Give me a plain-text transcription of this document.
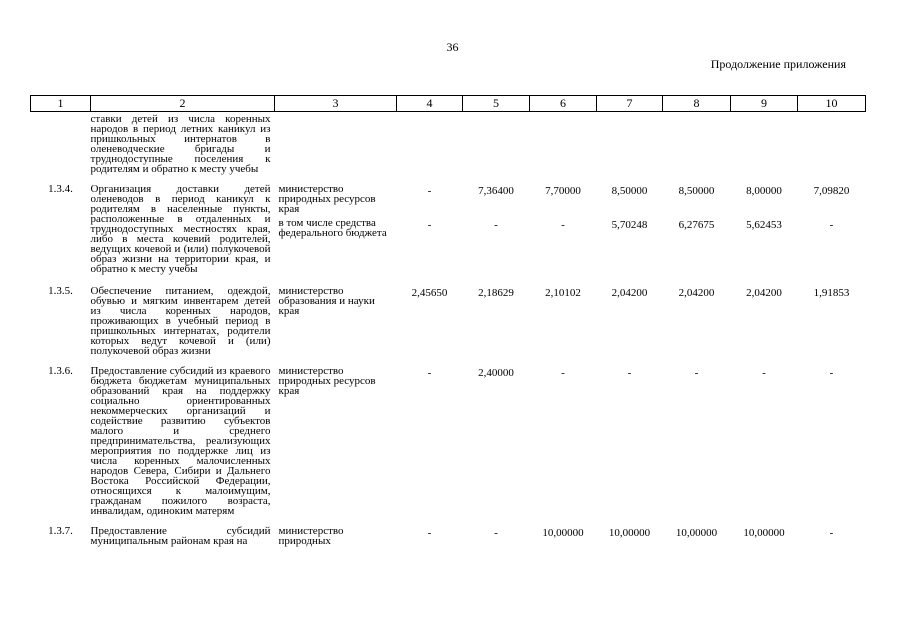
36
Продолжение приложения
1	2	3	4	5	6	7	8	9	10
	ставки детей из числа коренных народов в период летних каникул из пришкольных интернатов в оленеводческие бригады и труднодоступные поселения к родителям и обратно к месту учебы								
1.3.4.	Организация доставки детей оленеводов в период каникул к родителям в населенные пункты, расположенные в отдаленных и труднодоступных местностях края, либо в места кочевий родителей, ведущих кочевой и (или) полукочевой образ жизни на территории края, и обратно к месту учебы	министерство природных ресурсов края	-	7,36400	7,70000	8,50000	8,50000	8,00000	7,09820
		в том числе средства федерального бюджета	-	-	-	5,70248	6,27675	5,62453	-
1.3.5.	Обеспечение питанием, одеждой, обувью и мягким инвентарем детей из числа коренных народов, проживающих в учебный период в пришкольных интернатах, родители которых ведут кочевой и (или) полукочевой образ жизни	министерство образования и науки края	2,45650	2,18629	2,10102	2,04200	2,04200	2,04200	1,91853
1.3.6.	Предоставление субсидий из краевого бюджета бюджетам муниципальных образований края на поддержку социально ориентированных некоммерческих организаций и содействие развитию субъектов малого и среднего предпринимательства, реализующих мероприятия по поддержке лиц из числа коренных малочисленных народов Севера, Сибири и Дальнего Востока Российской Федерации, относящихся к малоимущим, гражданам пожилого возраста, инвалидам, одиноким матерям	министерство природных ресурсов края	-	2,40000	-	-	-	-	-
1.3.7.	Предоставление субсидий муниципальным районам края на	министерство природных	-	-	10,00000	10,00000	10,00000	10,00000	-
